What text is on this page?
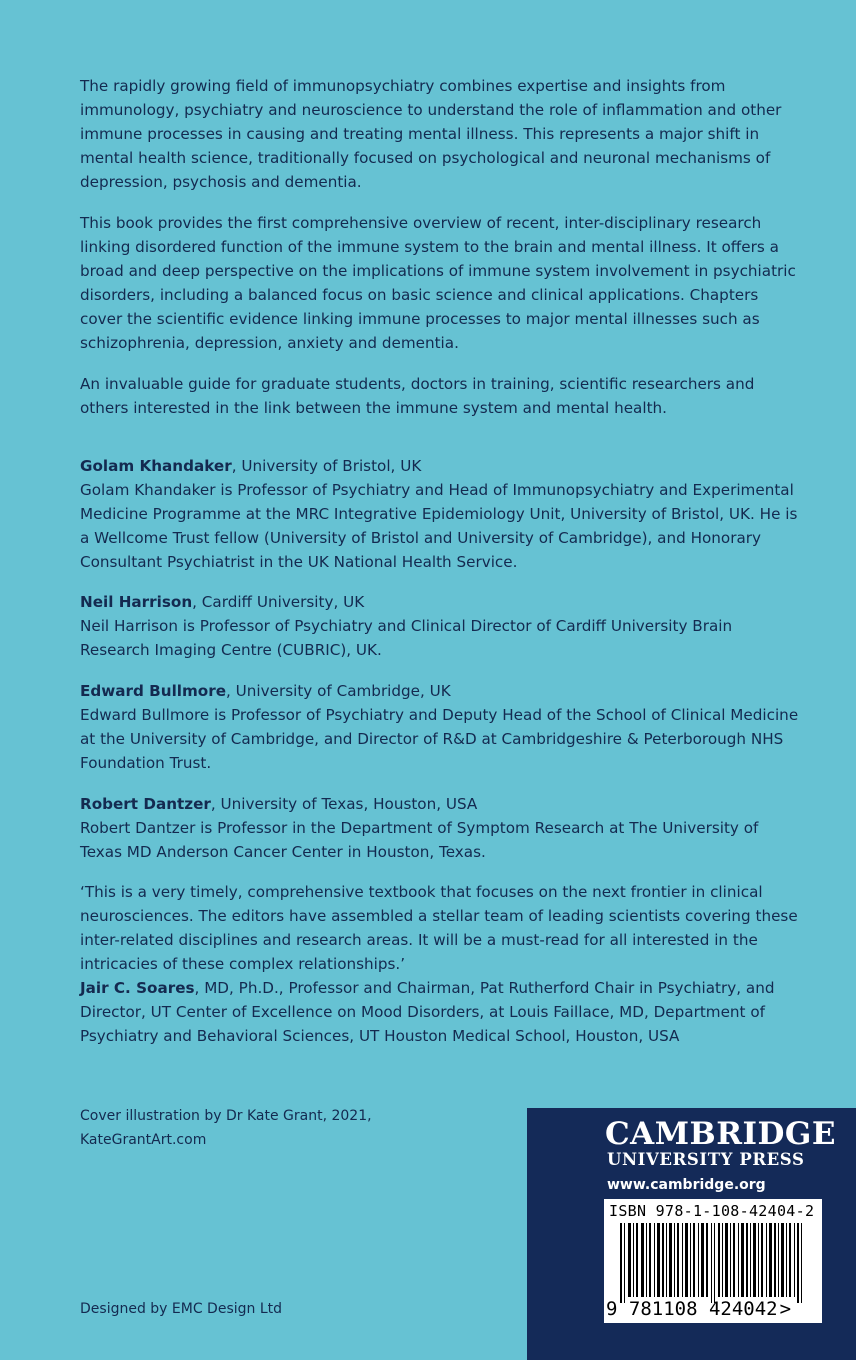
The rapidly growing field of immunopsychiatry combines expertise and insights from immunology, psychiatry and neuroscience to understand the role of inflammation and other immune processes in causing and treating mental illness. This represents a major shift in mental health science, traditionally focused on psychological and neuronal mechanisms of depression, psychosis and dementia.

This book provides the first comprehensive overview of recent, inter-disciplinary research linking disordered function of the immune system to the brain and mental illness. It offers a broad and deep perspective on the implications of immune system involvement in psychiatric disorders, including a balanced focus on basic science and clinical applications. Chapters cover the scientific evidence linking immune processes to major mental illnesses such as schizophrenia, depression, anxiety and dementia.

An invaluable guide for graduate students, doctors in training, scientific researchers and others interested in the link between the immune system and mental health.

Golam Khandaker, University of Bristol, UK

Golam Khandaker is Professor of Psychiatry and Head of Immunopsychiatry and Experimental Medicine Programme at the MRC Integrative Epidemiology Unit, University of Bristol, UK. He is a Wellcome Trust fellow (University of Bristol and University of Cambridge), and Honorary Consultant Psychiatrist in the UK National Health Service.

Neil Harrison, Cardiff University, UK

Neil Harrison is Professor of Psychiatry and Clinical Director of Cardiff University Brain Research Imaging Centre (CUBRIC), UK.

Edward Bullmore, University of Cambridge, UK

Edward Bullmore is Professor of Psychiatry and Deputy Head of the School of Clinical Medicine at the University of Cambridge, and Director of R&D at Cambridgeshire & Peterborough NHS Foundation Trust.

Robert Dantzer, University of Texas, Houston, USA

Robert Dantzer is Professor in the Department of Symptom Research at The University of Texas MD Anderson Cancer Center in Houston, Texas.

‘This is a very timely, comprehensive textbook that focuses on the next frontier in clinical neurosciences. The editors have assembled a stellar team of leading scientists covering these inter-related disciplines and research areas. It will be a must-read for all interested in the intricacies of these complex relationships.’

Jair C. Soares, MD, Ph.D., Professor and Chairman, Pat Rutherford Chair in Psychiatry, and Director, UT Center of Excellence on Mood Disorders, at Louis Faillace, MD, Department of Psychiatry and Behavioral Sciences, UT Houston Medical School, Houston, USA

Cover illustration by Dr Kate Grant, 2021,

KateGrantArt.com

Designed by EMC Design Ltd

CAMBRIDGE
UNIVERSITY PRESS
www.cambridge.org
ISBN 978-1-108-42404-2
9 781108 424042 >
